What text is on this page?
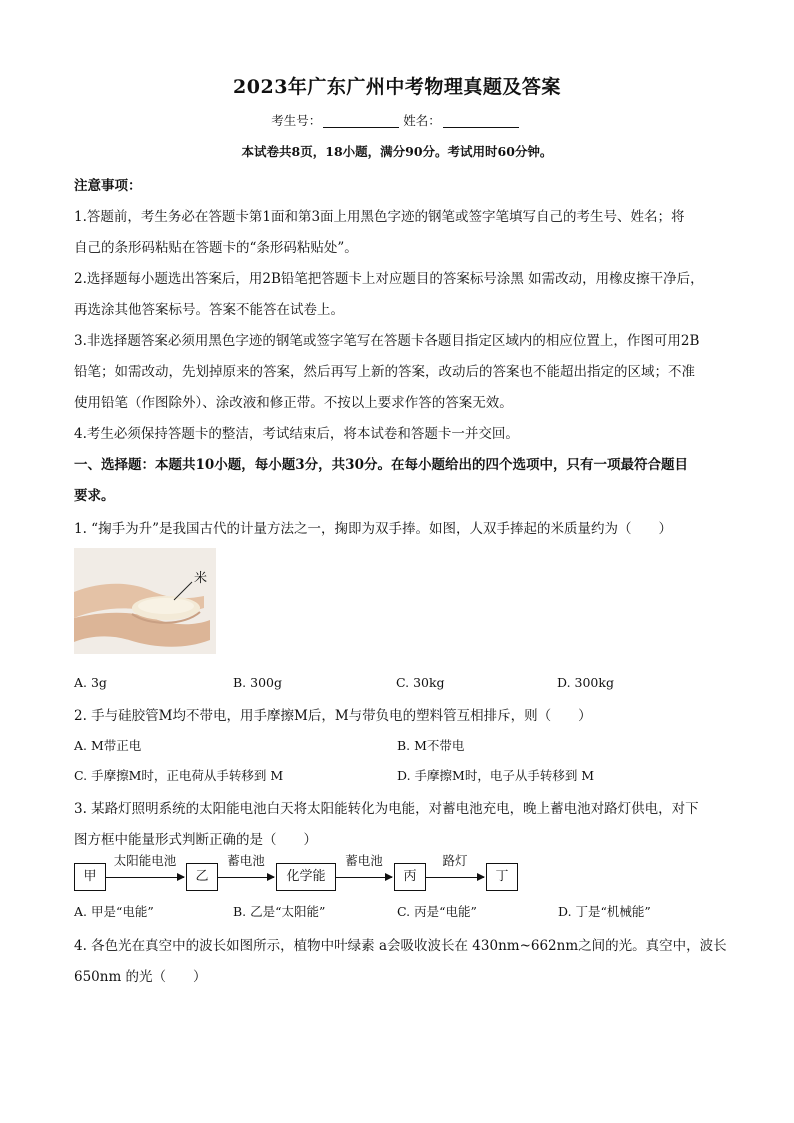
2023年广东广州中考物理真题及答案
考生号：	姓名：
本试卷共8页，18小题，满分90分。考试用时60分钟。
注意事项：
1.答题前，考生务必在答题卡第1面和第3面上用黑色字迹的钢笔或签字笔填写自己的考生号、姓名；将
自己的条形码粘贴在答题卡的“条形码粘贴处”。
2.选择题每小题选出答案后，用2B铅笔把答题卡上对应题目的答案标号涂黑 如需改动，用橡皮擦干净后，
再选涂其他答案标号。答案不能答在试卷上。
3.非选择题答案必须用黑色字迹的钢笔或签字笔写在答题卡各题目指定区域内的相应位置上，作图可用2B
铅笔；如需改动，先划掉原来的答案，然后再写上新的答案，改动后的答案也不能超出指定的区域；不准
使用铅笔（作图除外）、涂改液和修正带。不按以上要求作答的答案无效。
4.考生必须保持答题卡的整洁，考试结束后，将本试卷和答题卡一并交回。
一、选择题：本题共10小题，每小题3分，共30分。在每小题给出的四个选项中，只有一项最符合题目
要求。
1. “掬手为升”是我国古代的计量方法之一，掬即为双手捧。如图，人双手捧起的米质量约为（　　）
米
A. 3g	B. 300g	C. 30kg	D. 300kg
2. 手与硅胶管M均不带电，用手摩擦M后，M与带负电的塑料管互相排斥，则（　　）
A. M带正电	B. M不带电
C. 手摩擦M时，正电荷从手转移到 M	D. 手摩擦M时，电子从手转移到 M
3. 某路灯照明系统的太阳能电池白天将太阳能转化为电能，对蓄电池充电，晚上蓄电池对路灯供电，对下
图方框中能量形式判断正确的是（　　）
甲
太阳能电池
乙
蓄电池
化学能
蓄电池
丙
路灯
丁
A. 甲是“电能”	B. 乙是“太阳能”	C. 丙是“电能”	D. 丁是“机械能”
4. 各色光在真空中的波长如图所示，植物中叶绿素 a会吸收波长在 430nm~662nm之间的光。真空中，波长
650nm 的光（　　）
